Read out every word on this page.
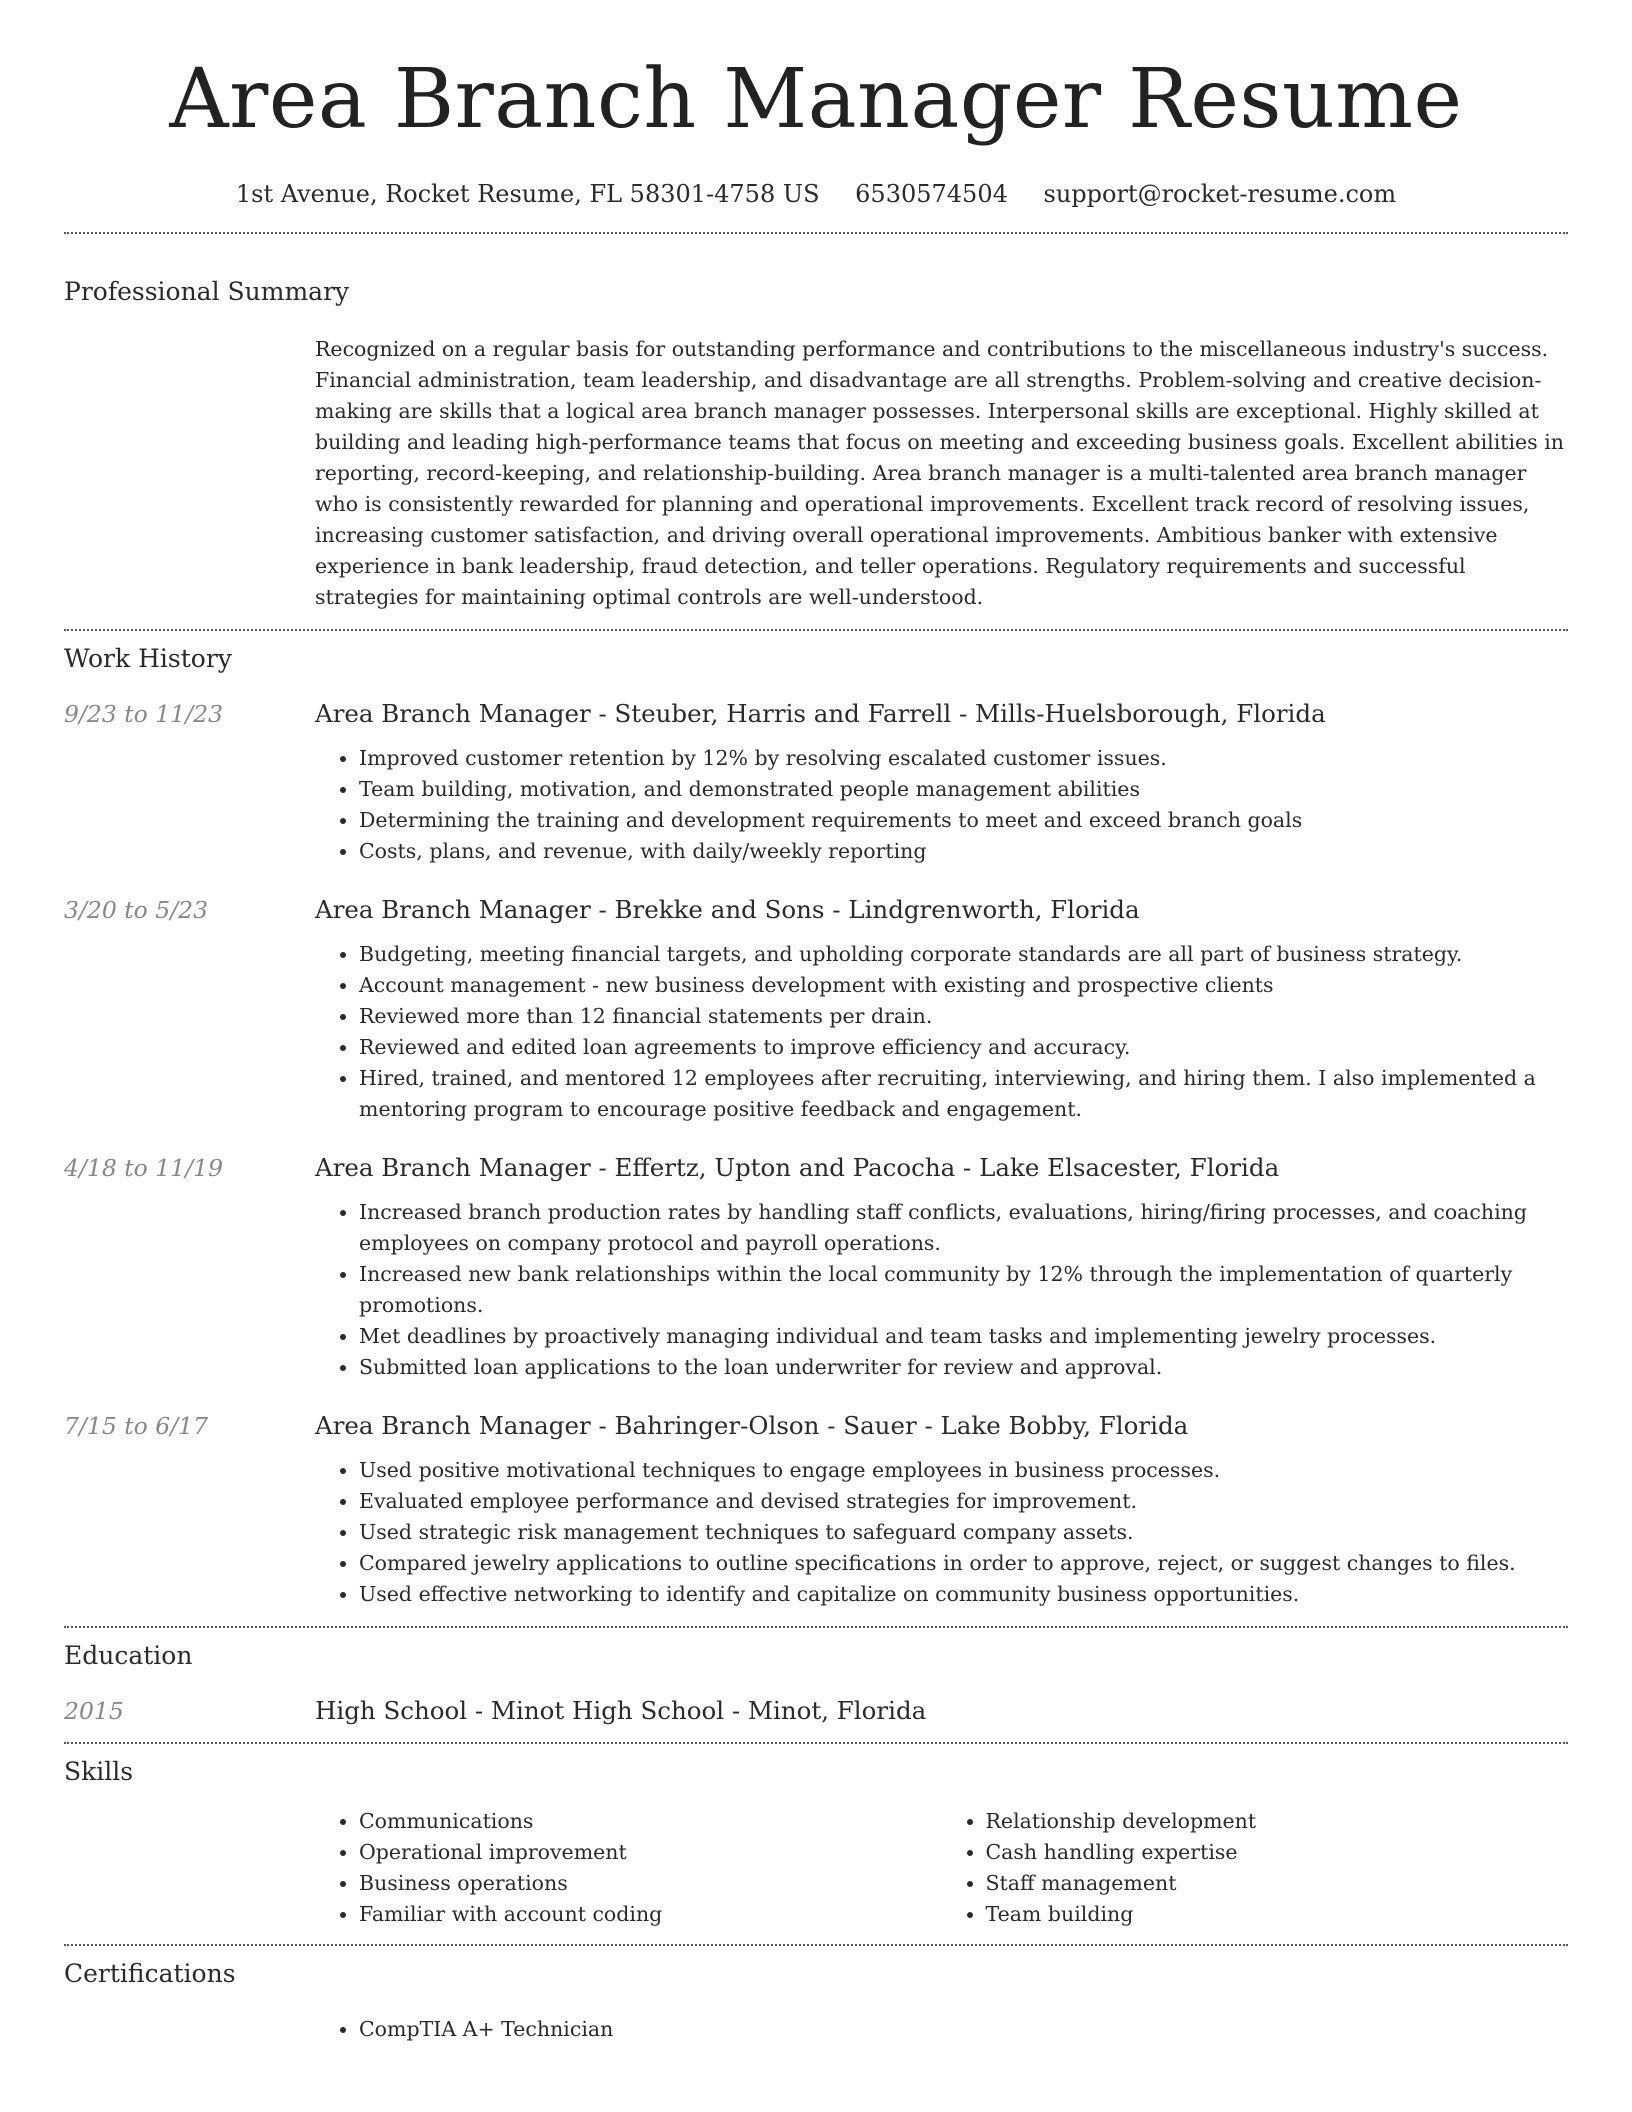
Area Branch Manager Resume
1st Avenue, Rocket Resume, FL 58301-4758 US 6530574504 support@rocket-resume.com
Professional Summary

Recognized on a regular basis for outstanding performance and contributions to the miscellaneous industry's success. Financial administration, team leadership, and disadvantage are all strengths. Problem-solving and creative decision-making are skills that a logical area branch manager possesses. Interpersonal skills are exceptional. Highly skilled at building and leading high-performance teams that focus on meeting and exceeding business goals. Excellent abilities in reporting, record-keeping, and relationship-building. Area branch manager is a multi-talented area branch manager who is consistently rewarded for planning and operational improvements. Excellent track record of resolving issues, increasing customer satisfaction, and driving overall operational improvements. Ambitious banker with extensive experience in bank leadership, fraud detection, and teller operations. Regulatory requirements and successful strategies for maintaining optimal controls are well-understood.

Work History
9/23 to 11/23	Area Branch Manager - Steuber, Harris and Farrell - Mills-Huelsborough, Florida
• Improved customer retention by 12% by resolving escalated customer issues.
• Team building, motivation, and demonstrated people management abilities
• Determining the training and development requirements to meet and exceed branch goals
• Costs, plans, and revenue, with daily/weekly reporting
3/20 to 5/23	Area Branch Manager - Brekke and Sons - Lindgrenworth, Florida
• Budgeting, meeting financial targets, and upholding corporate standards are all part of business strategy.
• Account management - new business development with existing and prospective clients
• Reviewed more than 12 financial statements per drain.
• Reviewed and edited loan agreements to improve efficiency and accuracy.
• Hired, trained, and mentored 12 employees after recruiting, interviewing, and hiring them. I also implemented a mentoring program to encourage positive feedback and engagement.
4/18 to 11/19	Area Branch Manager - Effertz, Upton and Pacocha - Lake Elsacester, Florida
• Increased branch production rates by handling staff conflicts, evaluations, hiring/firing processes, and coaching employees on company protocol and payroll operations.
• Increased new bank relationships within the local community by 12% through the implementation of quarterly promotions.
• Met deadlines by proactively managing individual and team tasks and implementing jewelry processes.
• Submitted loan applications to the loan underwriter for review and approval.
7/15 to 6/17	Area Branch Manager - Bahringer-Olson - Sauer - Lake Bobby, Florida
• Used positive motivational techniques to engage employees in business processes.
• Evaluated employee performance and devised strategies for improvement.
• Used strategic risk management techniques to safeguard company assets.
• Compared jewelry applications to outline specifications in order to approve, reject, or suggest changes to files.
• Used effective networking to identify and capitalize on community business opportunities.
Education
2015	High School - Minot High School - Minot, Florida
Skills
• Communications
• Operational improvement
• Business operations
• Familiar with account coding
• Relationship development
• Cash handling expertise
• Staff management
• Team building
Certifications
• CompTIA A+ Technician
